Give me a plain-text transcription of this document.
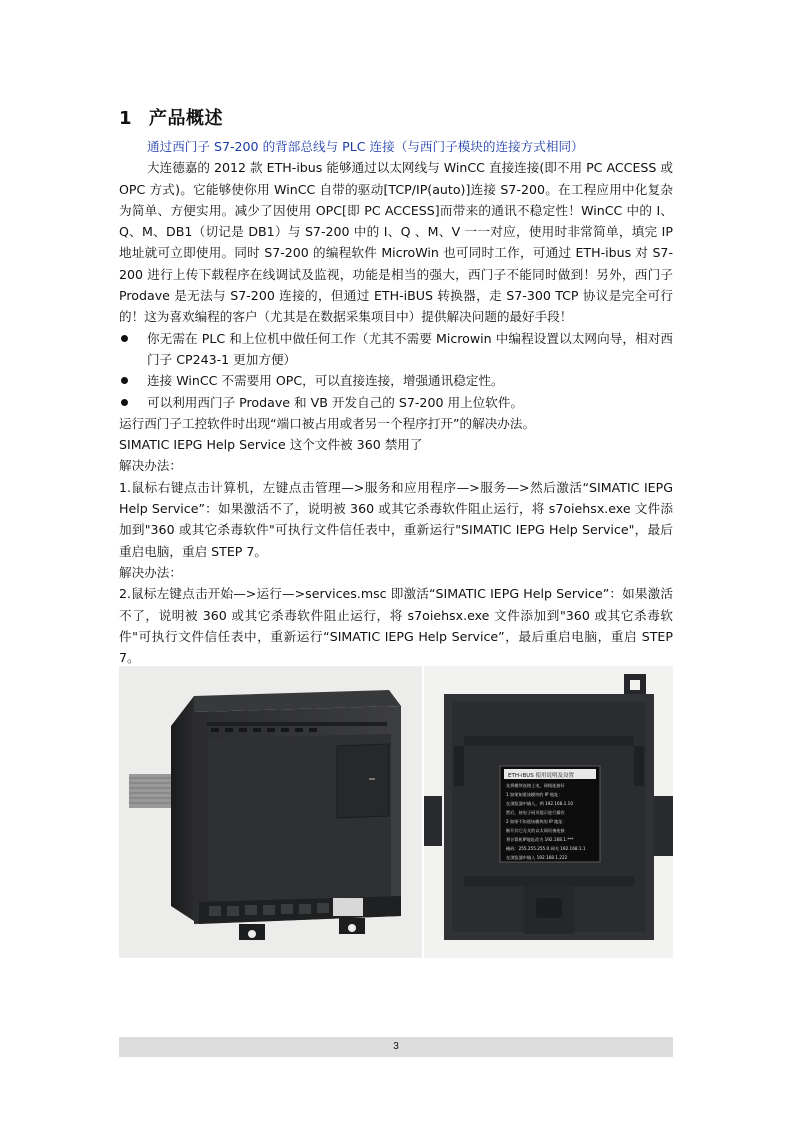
1 产品概述

通过西门子 S7-200 的背部总线与 PLC 连接（与西门子模块的连接方式相同）

大连德嘉的 2012 款 ETH-ibus 能够通过以太网线与 WinCC 直接连接(即不用 PC ACCESS 或 OPC 方式)。它能够使你用 WinCC 自带的驱动[TCP/IP(auto)]连接 S7-200。在工程应用中化复杂为简单、方便实用。减少了因使用 OPC[即 PC ACCESS]而带来的通讯不稳定性！WinCC 中的 I、Q、M、DB1（切记是 DB1）与 S7-200 中的 I、Q 、M、V 一一对应，使用时非常简单，填完 IP 地址就可立即使用。同时 S7-200 的编程软件 MicroWin 也可同时工作，可通过 ETH-ibus 对 S7-200 进行上传下载程序在线调试及监视，功能是相当的强大，西门子不能同时做到！另外，西门子 Prodave 是无法与 S7-200 连接的，但通过 ETH-iBUS 转换器，走 S7-300 TCP 协议是完全可行的！这为喜欢编程的客户（尤其是在数据采集项目中）提供解决问题的最好手段！

你无需在 PLC 和上位机中做任何工作（尤其不需要 Microwin 中编程设置以太网向导，相对西门子 CP243-1 更加方便）

连接 WinCC 不需要用 OPC，可以直接连接，增强通讯稳定性。

可以利用西门子 Prodave 和 VB 开发自己的 S7-200 用上位软件。

运行西门子工控软件时出现“端口被占用或者另一个程序打开”的解决办法。

SIMATIC IEPG Help Service 这个文件被 360 禁用了

解决办法：

1.鼠标右键点击计算机，左键点击管理—>服务和应用程序—>服务—>然后激活“SIMATIC IEPG Help Service”：如果激活不了，说明被 360 或其它杀毒软件阻止运行，将 s7oiehsx.exe 文件添加到"360 或其它杀毒软件"可执行文件信任表中，重新运行"SIMATIC IEPG Help Service"，最后重启电脑，重启 STEP 7。

解决办法：

2.鼠标左键点击开始—>运行—>services.msc 即激活“SIMATIC IEPG Help Service”：如果激活不了，说明被 360 或其它杀毒软件阻止运行，将 s7oiehsx.exe 文件添加到"360 或其它杀毒软件"可执行文件信任表中，重新运行“SIMATIC IEPG Help Service”，最后重启电脑，重启 STEP 7。

ETH-iBUS 使用说明及设置
先将模块连接上电，网线连接好
1 如果知道该模块的 IP 地址：
在浏览器中输入，例 192.168.1.10
然后，按电子网页提示进行操作
2 如果不知道该模块的 IP 地址：
断开其它无关的以太网设备连接
将计算机IP地址改为 192.168.1.***
掩码：255.255.255.0 网关 192.168.1.1
在浏览器中输入 192.168.1.222
3
